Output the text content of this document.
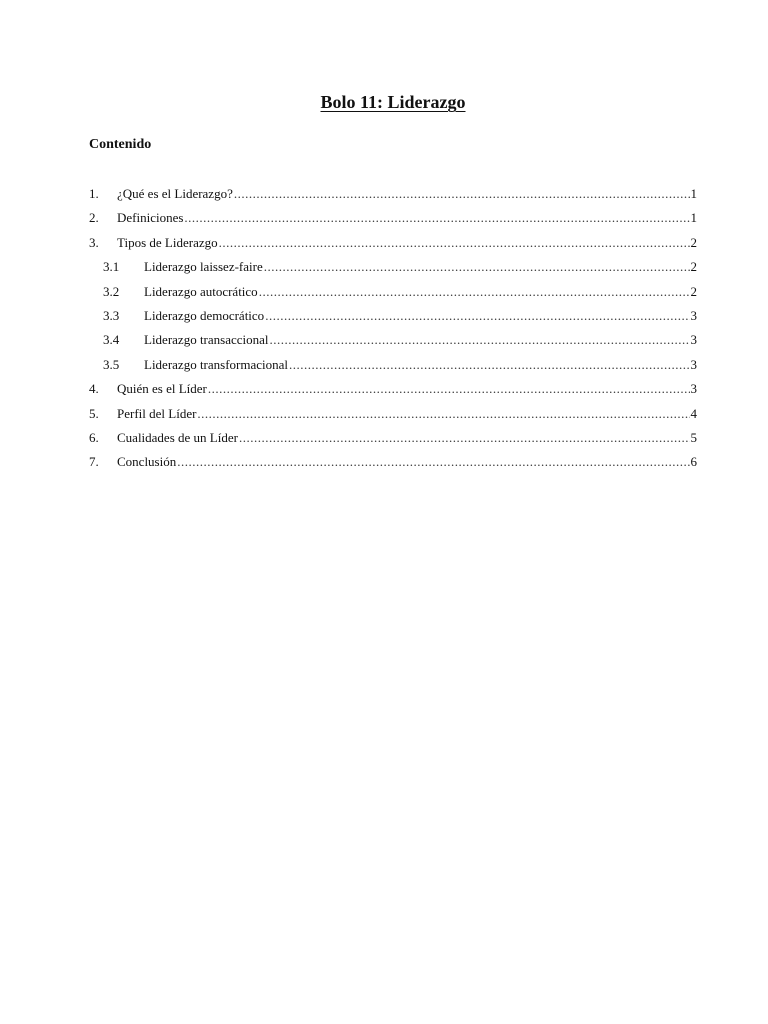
Bolo 11: Liderazgo
Contenido
1.	¿Qué es el Liderazgo? .....	1
2.	Definiciones .....	1
3.	Tipos de Liderazgo .....	2
3.1	Liderazgo laissez-faire .....	2
3.2	Liderazgo autocrático .....	2
3.3	Liderazgo democrático .....	3
3.4	Liderazgo transaccional .....	3
3.5	Liderazgo transformacional .....	3
4.	Quién es el Líder .....	3
5.	Perfil del Líder .....	4
6.	Cualidades de un Líder .....	5
7.	Conclusión .....	6
